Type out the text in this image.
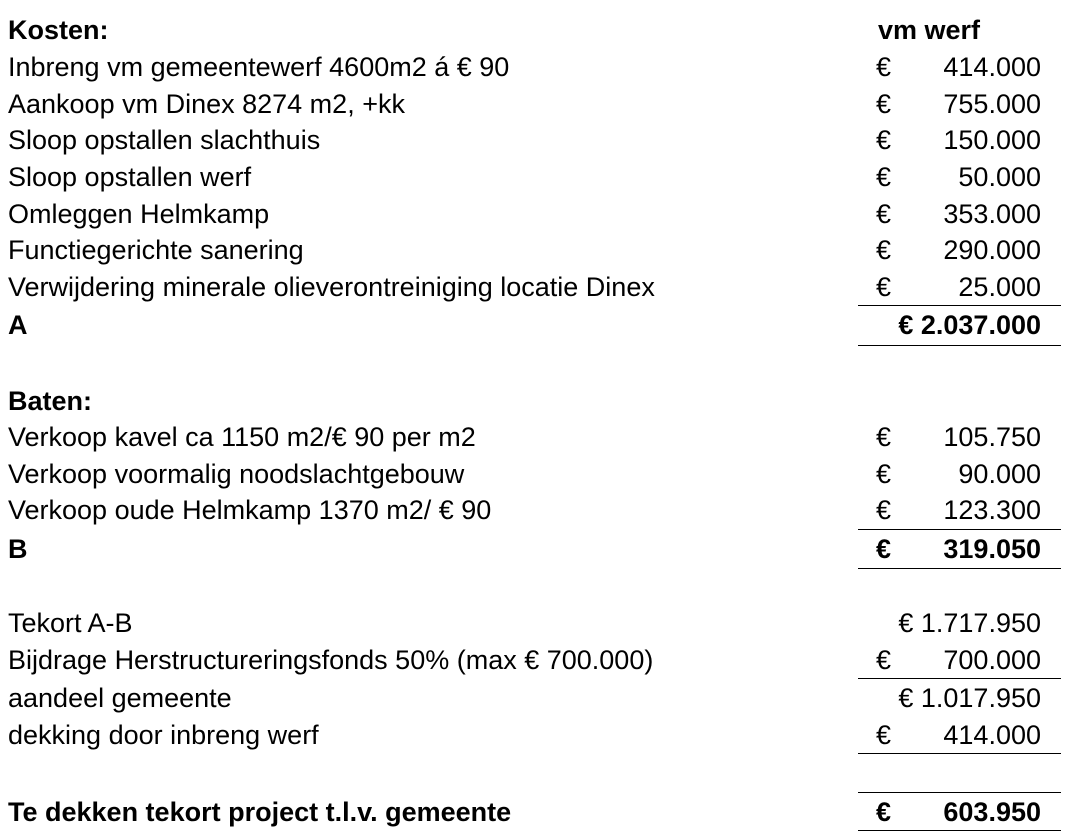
Kosten:	vm werf
Inbreng vm gemeentewerf 4600m2 á € 90	€ 414.000
Aankoop vm Dinex 8274 m2, +kk	€ 755.000
Sloop opstallen slachthuis	€ 150.000
Sloop opstallen werf	€ 50.000
Omleggen Helmkamp	€ 353.000
Functiegerichte sanering	€ 290.000
Verwijdering minerale olieverontreiniging locatie Dinex	€ 25.000
A	€ 2.037.000
Baten:
Verkoop kavel ca 1150 m2/€ 90 per m2	€ 105.750
Verkoop voormalig noodslachtgebouw	€ 90.000
Verkoop oude Helmkamp 1370 m2/ € 90	€ 123.300
B	€ 319.050
Tekort A-B	€ 1.717.950
Bijdrage Herstructureringsfonds 50% (max € 700.000)	€ 700.000
aandeel gemeente	€ 1.017.950
dekking door inbreng werf	€ 414.000
Te dekken tekort project t.l.v. gemeente	€ 603.950
